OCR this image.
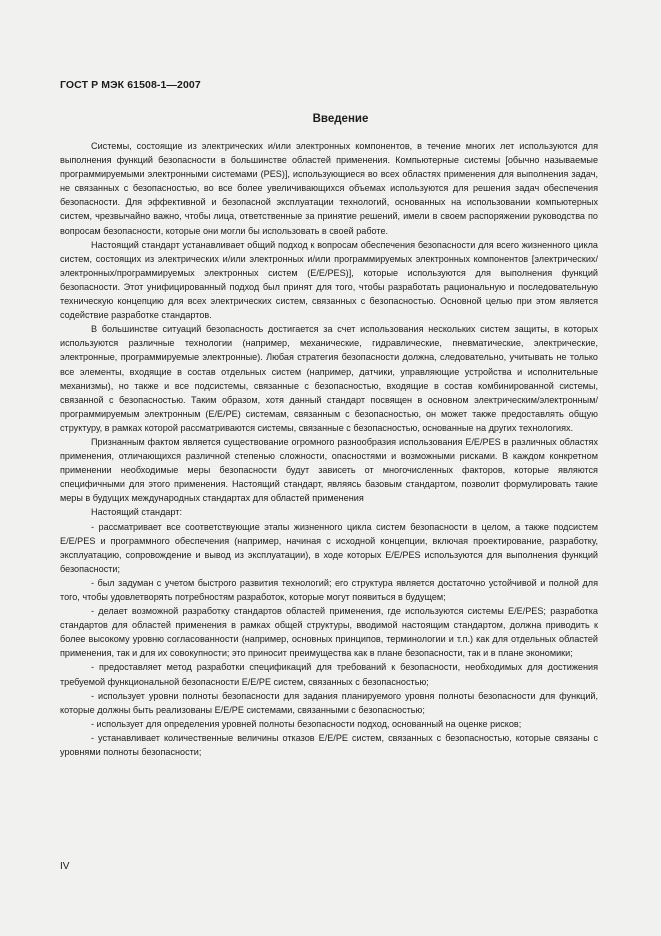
ГОСТ Р МЭК 61508-1—2007
Введение

Системы, состоящие из электрических и/или электронных компонентов, в течение многих лет используются для выполнения функций безопасности в большинстве областей применения. Компьютерные системы [обычно называемые программируемыми электронными системами (PES)], использующиеся во всех областях применения для выполнения задач, не связанных с безопасностью, во все более увеличивающихся объемах используются для решения задач обеспечения безопасности. Для эффективной и безопасной эксплуатации технологий, основанных на использовании компьютерных систем, чрезвычайно важно, чтобы лица, ответственные за принятие решений, имели в своем распоряжении руководства по вопросам безопасности, которые они могли бы использовать в своей работе.

Настоящий стандарт устанавливает общий подход к вопросам обеспечения безопасности для всего жизненного цикла систем, состоящих из электрических и/или электронных и/или программируемых электронных компонентов [электрических/ электронных/программируемых электронных систем (E/E/PES)], которые используются для выполнения функций безопасности. Этот унифицированный подход был принят для того, чтобы разработать рациональную и последовательную техническую концепцию для всех электрических систем, связанных с безопасностью. Основной целью при этом является содействие разработке стандартов.

В большинстве ситуаций безопасность достигается за счет использования нескольких систем защиты, в которых используются различные технологии (например, механические, гидравлические, пневматические, электрические, электронные, программируемые электронные). Любая стратегия безопасности должна, следовательно, учитывать не только все элементы, входящие в состав отдельных систем (например, датчики, управляющие устройства и исполнительные механизмы), но также и все подсистемы, связанные с безопасностью, входящие в состав комбинированной системы, связанной с безопасностью. Таким образом, хотя данный стандарт посвящен в основном электрическим/электронным/программируемым электронным (E/E/PE) системам, связанным с безопасностью, он может также предоставлять общую структуру, в рамках которой рассматриваются системы, связанные с безопасностью, основанные на других технологиях.

Признанным фактом является существование огромного разнообразия использования E/E/PES в различных областях применения, отличающихся различной степенью сложности, опасностями и возможными рисками. В каждом конкретном применении необходимые меры безопасности будут зависеть от многочисленных факторов, которые являются специфичными для этого применения. Настоящий стандарт, являясь базовым стандартом, позволит формулировать такие меры в будущих международных стандартах для областей применения

Настоящий стандарт:

- рассматривает все соответствующие этапы жизненного цикла систем безопасности в целом, а также подсистем E/E/PES и программного обеспечения (например, начиная с исходной концепции, включая проектирование, разработку, эксплуатацию, сопровождение и вывод из эксплуатации), в ходе которых E/E/PES используются для выполнения функций безопасности;

- был задуман с учетом быстрого развития технологий; его структура является достаточно устойчивой и полной для того, чтобы удовлетворять потребностям разработок, которые могут появиться в будущем;

- делает возможной разработку стандартов областей применения, где используются системы E/E/PES; разработка стандартов для областей применения в рамках общей структуры, вводимой настоящим стандартом, должна приводить к более высокому уровню согласованности (например, основных принципов, терминологии и т.п.) как для отдельных областей применения, так и для их совокупности; это приносит преимущества как в плане безопасности, так и в плане экономики;

- предоставляет метод разработки спецификаций для требований к безопасности, необходимых для достижения требуемой функциональной безопасности E/E/PE систем, связанных с безопасностью;

- использует уровни полноты безопасности для задания планируемого уровня полноты безопасности для функций, которые должны быть реализованы E/E/PE системами, связанными с безопасностью;

- использует для определения уровней полноты безопасности подход, основанный на оценке рисков;

- устанавливает количественные величины отказов E/E/PE систем, связанных с безопасностью, которые связаны с уровнями полноты безопасности;

IV
